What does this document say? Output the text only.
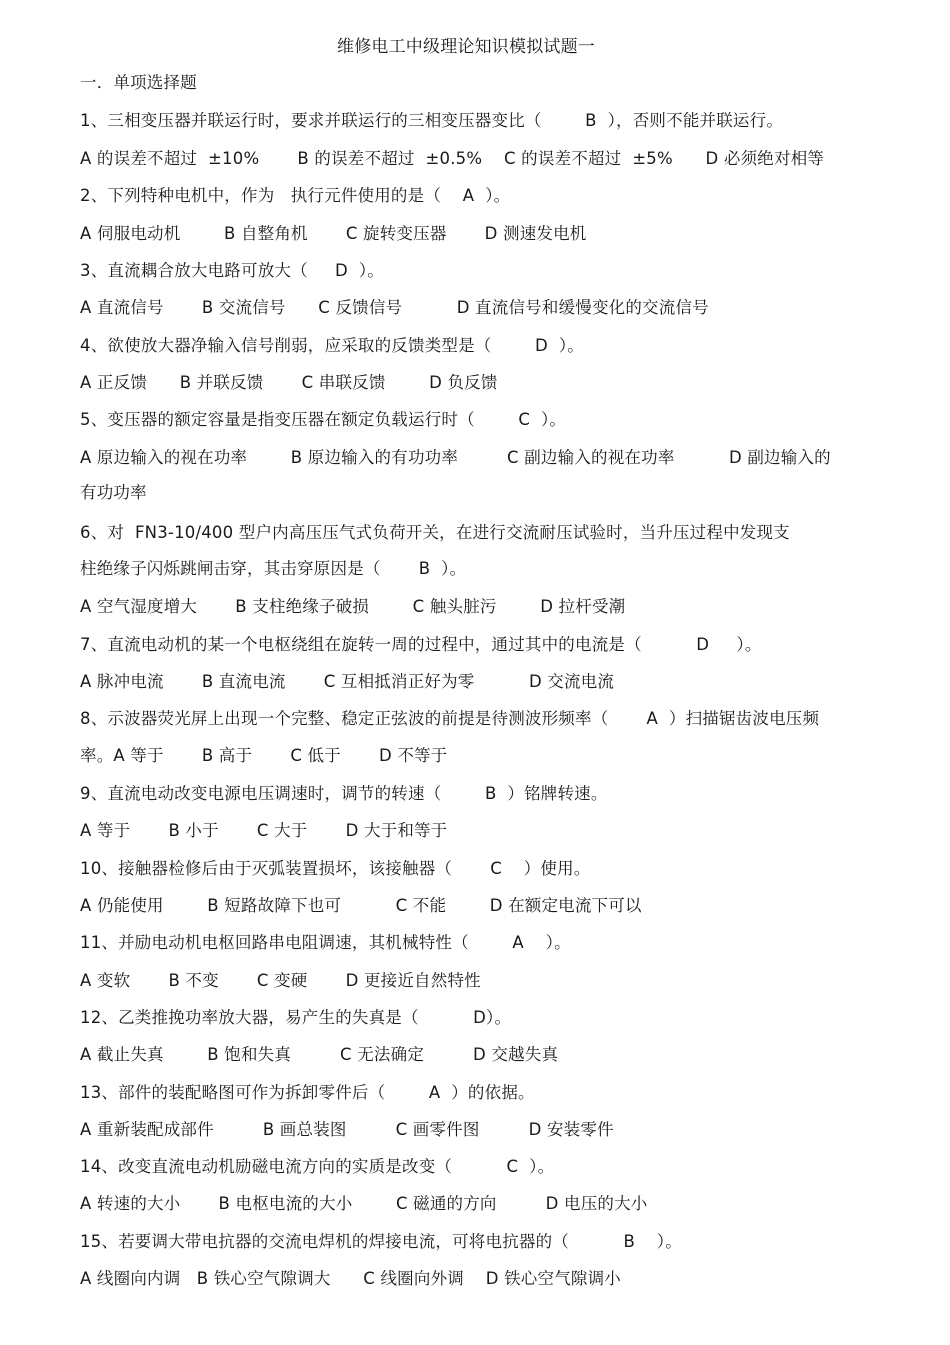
维修电工中级理论知识模拟试题一
一．单项选择题
1、三相变压器并联运行时，要求并联运行的三相变压器变比（        B  ），否则不能并联运行。
A 的误差不超过  ±10%       B 的误差不超过  ±0.5%    C 的误差不超过  ±5%      D 必须绝对相等
2、下列特种电机中，作为   执行元件使用的是（    A  ）。
A 伺服电动机        B 自整角机       C 旋转变压器       D 测速发电机
3、直流耦合放大电路可放大（     D  ）。
A 直流信号       B 交流信号      C 反馈信号          D 直流信号和缓慢变化的交流信号
4、欲使放大器净输入信号削弱，应采取的反馈类型是（        D  ）。
A 正反馈      B 并联反馈       C 串联反馈        D 负反馈
5、变压器的额定容量是指变压器在额定负载运行时（        C  ）。
A 原边输入的视在功率        B 原边输入的有功功率         C 副边输入的视在功率          D 副边输入的
有功功率
6、对  FN3-10/400 型户内高压压气式负荷开关，在进行交流耐压试验时，当升压过程中发现支
柱绝缘子闪烁跳闸击穿，其击穿原因是（       B  ）。
A 空气湿度增大       B 支柱绝缘子破损        C 触头脏污        D 拉杆受潮
7、直流电动机的某一个电枢绕组在旋转一周的过程中，通过其中的电流是（          D     ）。
A 脉冲电流       B 直流电流       C 互相抵消正好为零          D 交流电流
8、示波器荧光屏上出现一个完整、稳定正弦波的前提是待测波形频率（       A  ）扫描锯齿波电压频
率。A 等于       B 高于       C 低于       D 不等于
9、直流电动改变电源电压调速时，调节的转速（        B  ）铭牌转速。
A 等于       B 小于       C 大于       D 大于和等于
10、接触器检修后由于灭弧装置损坏，该接触器（       C    ）使用。
A 仍能使用        B 短路故障下也可          C 不能        D 在额定电流下可以
11、并励电动机电枢回路串电阻调速，其机械特性（        A    ）。
A 变软       B 不变       C 变硬       D 更接近自然特性
12、乙类推挽功率放大器，易产生的失真是（          D）。
A 截止失真        B 饱和失真         C 无法确定         D 交越失真
13、部件的装配略图可作为拆卸零件后（        A  ）的依据。
A 重新装配成部件         B 画总装图         C 画零件图         D 安装零件
14、改变直流电动机励磁电流方向的实质是改变（          C  ）。
A 转速的大小       B 电枢电流的大小        C 磁通的方向         D 电压的大小
15、若要调大带电抗器的交流电焊机的焊接电流，可将电抗器的（          B    ）。
A 线圈向内调   B 铁心空气隙调大      C 线圈向外调    D 铁心空气隙调小
